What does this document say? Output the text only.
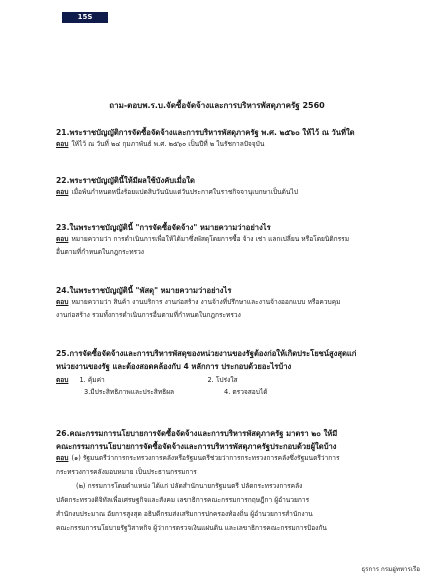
15S
ถาม-ตอบพ.ร.บ.จัดซื้อจัดจ้างและการบริหารพัสดุภาครัฐ 2560

21.พระราชบัญญัติการจัดซื้อจัดจ้างและการบริหารพัสดุภาครัฐ พ.ศ. ๒๕๖๐ ให้ไว้ ณ วันที่ใด

ตอบ ให้ไว้ ณ วันที่ ๒๔ กุมภาพันธ์ พ.ศ. ๒๕๖๐ เป็นปีที่ ๒ ในรัชกาลปัจจุบัน

22.พระราชบัญญัตินี้ให้มีผลใช้บังคับเมื่อใด

ตอบ เมื่อพ้นกำหนดหนึ่งร้อยแปดสิบวันนับแต่วันประกาศในราชกิจจานุเบกษาเป็นต้นไป

23.ในพระราชบัญญัตินี้ "การจัดซื้อจัดจ้าง" หมายความว่าอย่างไร

ตอบ หมายความว่า การดำเนินการเพื่อให้ได้มาซึ่งพัสดุโดยการซื้อ จ้าง เช่า แลกเปลี่ยน หรือโดยนิติกรรม

อื่นตามที่กำหนดในกฎกระทรวง

24.ในพระราชบัญญัตินี้ "พัสดุ" หมายความว่าอย่างไร

ตอบ หมายความว่า สินค้า งานบริการ งานก่อสร้าง งานจ้างที่ปรึกษาและงานจ้างออกแบบ หรือควบคุม

งานก่อสร้าง รวมทั้งการดำเนินการอื่นตามที่กำหนดในกฎกระทรวง

25.การจัดซื้อจัดจ้างและการบริหารพัสดุของหน่วยงานของรัฐต้องก่อให้เกิดประโยชน์สูงสุดแก่

หน่วยงานของรัฐ และต้องสอดคล้องกับ 4 หลักการ ประกอบด้วยอะไรบ้าง

ตอบ 1. คุ้มค่า	2. โปร่งใส
3.มีประสิทธิภาพและประสิทธิผล	4. ตรวจสอบได้

26.คณะกรรมการนโยบายการจัดซื้อจัดจ้างและการบริหารพัสดุภาครัฐ มาตรา ๒๐ ให้มี

คณะกรรมการนโยบายการจัดซื้อจัดจ้างและการบริหารพัสดุภาครัฐประกอบด้วยผู้ใดบ้าง

ตอบ (๑) รัฐมนตรีว่าการกระทรวงการคลังหรือรัฐมนตรีช่วยว่าการกระทรวงการคลังซึ่งรัฐมนตรีว่าการ

กระทรวงการคลังมอบหมาย เป็นประธานกรรมการ

(๒) กรรมการโดยตำแหน่ง ได้แก่ ปลัดสำนักนายกรัฐมนตรี ปลัดกระทรวงการคลัง

ปลัดกระทรวงดิจิทัลเพื่อเศรษฐกิจและสังคม เลขาธิการคณะกรรมการกฤษฎีกา ผู้อำนวยการ

สำนักงบประมาณ อัยการสูงสุด อธิบดีกรมส่งเสริมการปกครองท้องถิ่น ผู้อำนวยการสำนักงาน

คณะกรรมการนโยบายรัฐวิสาหกิจ ผู้ว่าการตรวจเงินแผ่นดิน และเลขาธิการคณะกรรมการป้องกัน

ธุรการ กรมอู่ทหารเรือ
